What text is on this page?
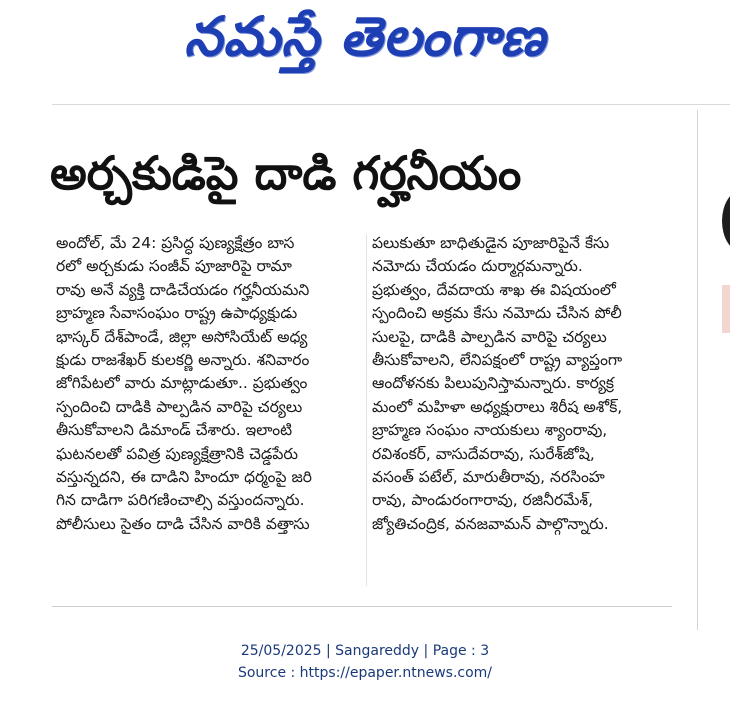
నమస్తే తెలంగాణ
అర్చకుడిపై దాడి గర్హనీయం
అందోల్, మే 24: ప్రసిద్ధ పుణ్యక్షేత్రం బాస
రలో అర్చకుడు సంజీవ్ పూజారిపై రామా
రావు అనే వ్యక్తి దాడిచేయడం గర్హనీయమని
బ్రాహ్మణ సేవాసంఘం రాష్ట్ర ఉపాధ్యక్షుడు
భాస్కర్ దేశ్‌పాండే, జిల్లా అసోసియేట్ అధ్య
క్షుడు రాజశేఖర్ కులకర్ణి అన్నారు. శనివారం
జోగిపేటలో వారు మాట్లాడుతూ.. ప్రభుత్వం
స్పందించి దాడికి పాల్పడిన వారిపై చర్యలు
తీసుకోవాలని డిమాండ్ చేశారు. ఇలాంటి
ఘటనలతో పవిత్ర పుణ్యక్షేత్రానికి చెడ్డపేరు
వస్తున్నదని, ఈ దాడిని హిందూ ధర్మంపై జరి
గిన దాడిగా పరిగణించాల్సి వస్తుందన్నారు.
పోలీసులు సైతం దాడి చేసిన వారికి వత్తాసు
పలుకుతూ బాధితుడైన పూజారిపైనే కేసు
నమోదు చేయడం దుర్మార్గమన్నారు.
ప్రభుత్వం, దేవదాయ శాఖ ఈ విషయంలో
స్పందించి అక్రమ కేసు నమోదు చేసిన పోలీ
సులపై, దాడికి పాల్పడిన వారిపై చర్యలు
తీసుకోవాలని, లేనిపక్షంలో రాష్ట్ర వ్యాప్తంగా
ఆందోళనకు పిలుపునిస్తామన్నారు. కార్యక్ర
మంలో మహిళా అధ్యక్షురాలు శిరీష అశోక్,
బ్రాహ్మణ సంఘం నాయకులు శ్యాంరావు,
రవిశంకర్, వాసుదేవరావు, సురేశ్‌జోషి,
వసంత్ పటేల్, మారుతీరావు, నరసింహ
రావు, పాండురంగారావు, రజినీరమేశ్,
జ్యోతిచంద్రిక, వనజవామన్ పాల్గొన్నారు.
25/05/2025 | Sangareddy | Page : 3
Source : https://epaper.ntnews.com/
